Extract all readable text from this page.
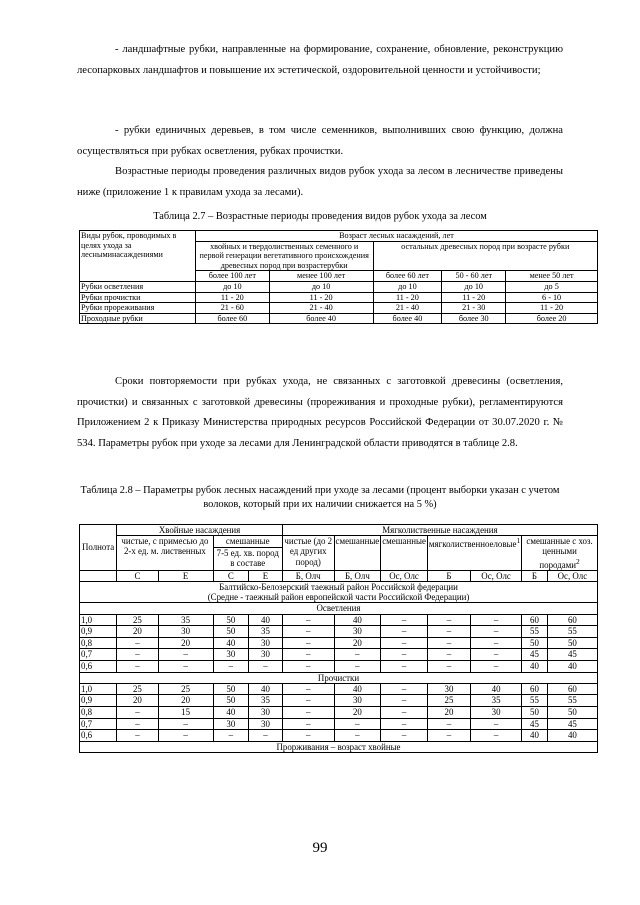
- ландшафтные рубки, направленные на формирование, сохранение, обновление, реконструкцию лесопарковых ландшафтов и повышение их эстетической, оздоровительной ценности и устойчивости;

- рубки единичных деревьев, в том числе семенников, выполнивших свою функцию, должна осуществляться при рубках осветления, рубках прочистки.

Возрастные периоды проведения различных видов рубок ухода за лесом в лесничестве приведены ниже (приложение 1 к правилам ухода за лесами).

Таблица 2.7 – Возрастные периоды проведения видов рубок ухода за лесом

Виды рубок, проводимых в целях ухода за лесныминасаждениями	Возраст лесных насаждений, лет				
	хвойных и твердолиственных семенного и первой генерации вегетативного происхождения древесных пород при возрастерубки		остальных древесных пород при возрасте рубки		
	более 100 лет	менее 100 лет	более 60 лет	50 - 60 лет	менее 50 лет
Рубки осветления	до 10	до 10	до 10	до 10	до 5
Рубки прочистки	11 - 20	11 - 20	11 - 20	11 - 20	6 - 10
Рубки прореживания	21 - 60	21 - 40	21 - 40	21 - 30	11 - 20
Проходные рубки	более 60	более 40	более 40	более 30	более 20

Сроки повторяемости при рубках ухода, не связанных с заготовкой древесины (осветления, прочистки) и связанных с заготовкой древесины (прореживания и проходные рубки), регламентируются Приложением 2 к Приказу Министерства природных ресурсов Российской Федерации от 30.07.2020 г. № 534. Параметры рубок при уходе за лесами для Ленинградской области приводятся в таблице 2.8.

Таблица 2.8 – Параметры рубок лесных насаждений при уходе за лесами (процент выборки указан с учетом волоков, который при их наличии снижается на 5 %)

Полнота	Хвойные насаждения				Мягколиственные насаждения						
	чистые, с примесью до 2-х ед. м. лиственных		смешанные		чистые (до 2 ед других пород)	смешанные	смешанные	мягколиственноеловые$^1$		смешанные с хоз. ценными породами$^2$
			7-5 ед. хв. пород в составе								
	С	Е	С	Е	Б, Олч	Б, Олч	Ос, Олс	Б	Ос, Олс	Б	Ос, Олс
Балтийско-Белозерский таежный район Российской федерации
(Средне - таежный район европейской части Российской Федерации)											
Осветления											
1,0	25	35	50	40	–	40	–	–	–	60	60
0,9	20	30	50	35	–	30	–	–	–	55	55
0,8	–	20	40	30	–	20	–	–	–	50	50
0,7	–	–	30	30	–	–	–	–	–	45	45
0,6	–	–	–	–	–	–	–	–	–	40	40
Прочистки											
1,0	25	25	50	40	–	40	–	30	40	60	60
0,9	20	20	50	35	–	30	–	25	35	55	55
0,8	–	15	40	30	–	20	–	20	30	50	50
0,7	–	–	30	30	–	–	–	–	–	45	45
0,6	–	–	–	–	–	–	–	–	–	40	40
Прорживания – возраст хвойные											
99
